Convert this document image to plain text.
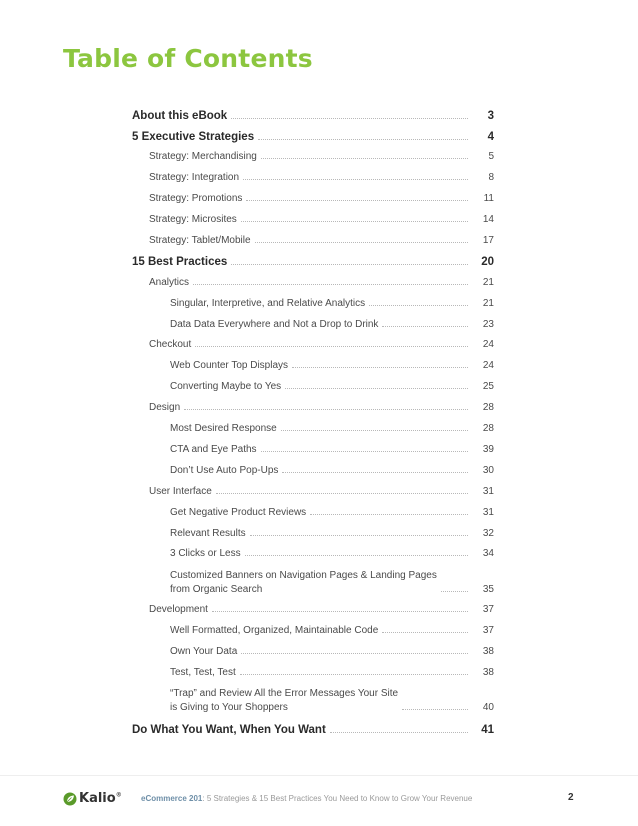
Table of Contents
About this eBook	3
5 Executive Strategies	4
Strategy: Merchandising	5
Strategy: Integration	8
Strategy: Promotions	11
Strategy: Microsites	14
Strategy: Tablet/Mobile	17
15 Best Practices	20
Analytics	21
Singular, Interpretive, and Relative Analytics	21
Data Data Everywhere and Not a Drop to Drink	23
Checkout	24
Web Counter Top Displays	24
Converting Maybe to Yes	25
Design	28
Most Desired Response	28
CTA and Eye Paths	39
Don’t Use Auto Pop-Ups	30
User Interface	31
Get Negative Product Reviews	31
Relevant Results	32
3 Clicks or Less	34
Customized Banners on Navigation Pages & Landing Pages
from Organic Search	35
Development	37
Well Formatted, Organized, Maintainable Code	37
Own Your Data	38
Test, Test, Test	38
“Trap” and Review All the Error Messages Your Site
is Giving to Your Shoppers	40
Do What You Want, When You Want	41
Kalio® eCommerce 201: 5 Strategies & 15 Best Practices You Need to Know to Grow Your Revenue	2
